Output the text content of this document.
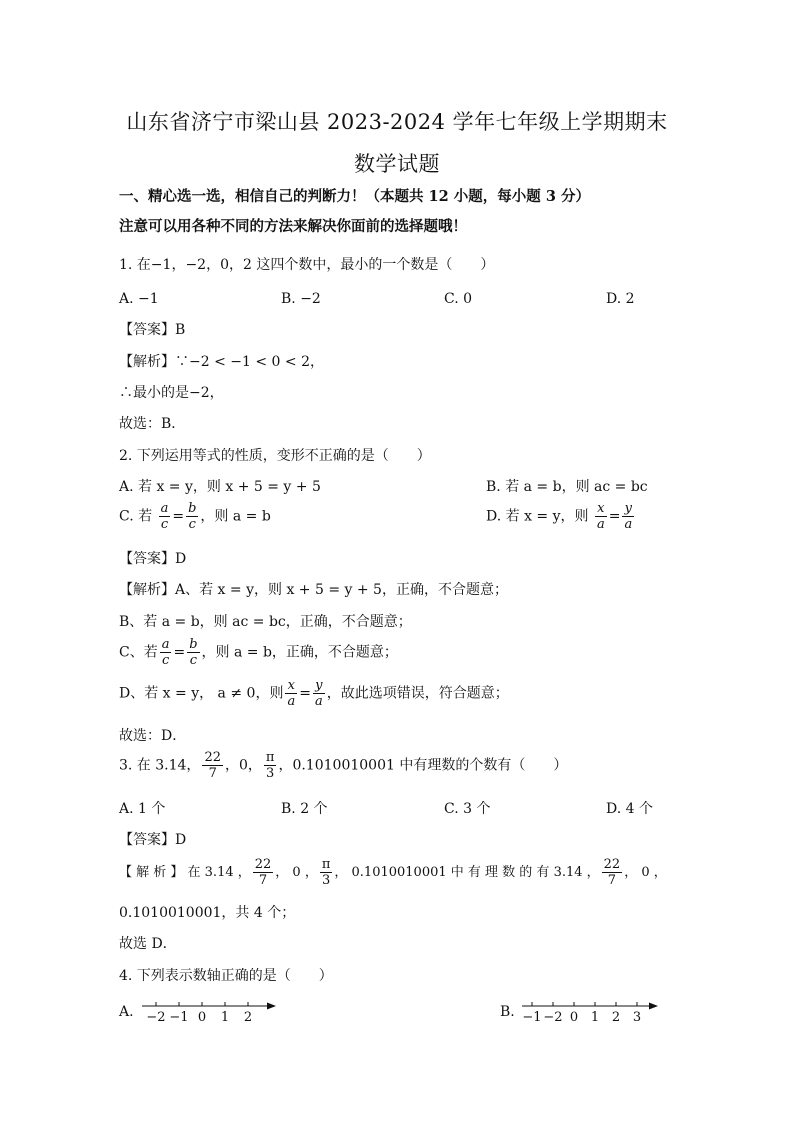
山东省济宁市梁山县 2023-2024 学年七年级上学期期末
数学试题
一、精心选一选，相信自己的判断力！（本题共 12 小题，每小题 3 分）
注意可以用各种不同的方法来解决你面前的选择题哦！
1. 在−1，−2，0，2 这四个数中，最小的一个数是（　　）
A. −1	B. −2	C. 0	D. 2
【答案】B
【解析】∵−2 < −1 < 0 < 2，
∴最小的是−2，
故选：B．
2. 下列运用等式的性质，变形不正确的是（　　）
A. 若 x = y，则 x + 5 = y + 5	B. 若 a = b，则 ac = bc
C. 若 $\frac{a}{c} = \frac{b}{c}$ ，则 a = b	D. 若 x = y，则 $\frac{x}{a} = \frac{y}{a}$
【答案】D
【解析】A、若 x = y，则 x + 5 = y + 5，正确，不合题意；
B、若 a = b，则 ac = bc，正确，不合题意；
C、若 $\frac{a}{c} = \frac{b}{c}$ ，则 a = b，正确，不合题意；
D、若 x = y， a ≠ 0，则 $\frac{x}{a} = \frac{y}{a}$ ，故此选项错误，符合题意；
故选：D．
3. 在 3.14， $\frac{22}{7}$ ，0， $\frac{\pi}{3}$ ，0.1010010001 中有理数的个数有（　　）
A. 1 个	B. 2 个	C. 3 个	D. 4 个
【答案】D
【 解 析 】 在 3.14 ， $\frac{22}{7}$ ， 0 ， $\frac{\pi}{3}$ ， 0.1010010001 中 有 理 数 的 有 3.14 ， $\frac{22}{7}$ ， 0 ，
0.1010010001，共 4 个；
故选 D．
4. 下列表示数轴正确的是（　　）
A. −2 −1 0 1 2	B. −1 −2 0 1 2 3
